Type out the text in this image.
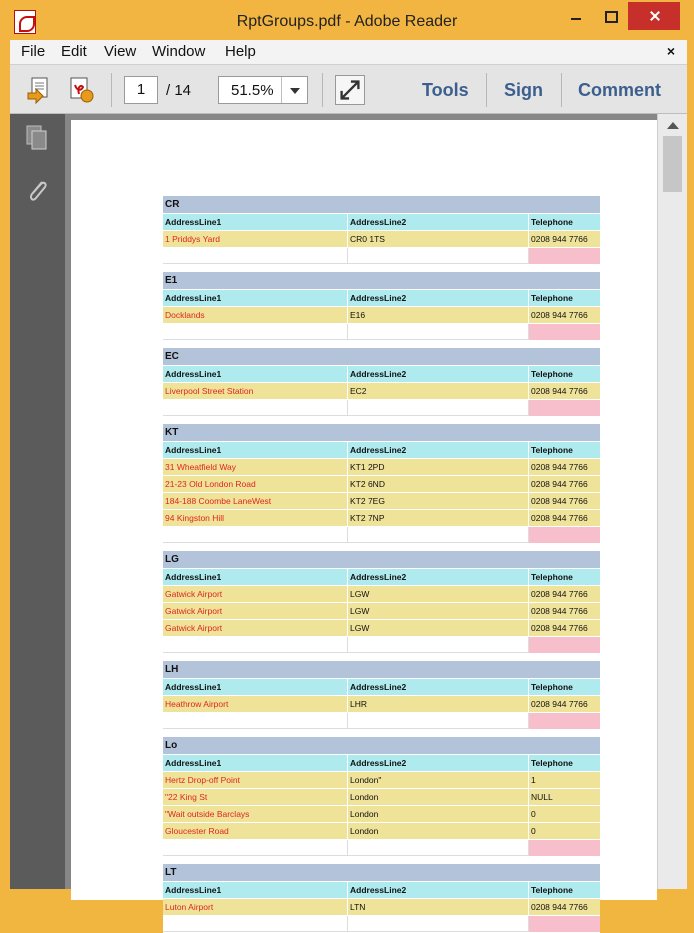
RptGroups.pdf - Adobe Reader
File Edit View Window Help	×
1	/ 14	51.5%	Tools Sign Comment
CR
AddressLine1	AddressLine2	Telephone
1 Priddys Yard	CR0 1TS	0208 944 7766
E1
AddressLine1	AddressLine2	Telephone
Docklands	E16	0208 944 7766
EC
AddressLine1	AddressLine2	Telephone
Liverpool Street Station	EC2	0208 944 7766
KT
AddressLine1	AddressLine2	Telephone
31 Wheatfield Way	KT1 2PD	0208 944 7766
21-23 Old London Road	KT2 6ND	0208 944 7766
184-188 Coombe LaneWest	KT2 7EG	0208 944 7766
94 Kingston Hill	KT2 7NP	0208 944 7766
LG
AddressLine1	AddressLine2	Telephone
Gatwick Airport	LGW	0208 944 7766
Gatwick Airport	LGW	0208 944 7766
Gatwick Airport	LGW	0208 944 7766
LH
AddressLine1	AddressLine2	Telephone
Heathrow Airport	LHR	0208 944 7766
Lo
AddressLine1	AddressLine2	Telephone
Hertz Drop-off Point	London"	1
"22 King St	London	NULL
"Wait outside Barclays	London	0
Gloucester Road	London	0
LT
AddressLine1	AddressLine2	Telephone
Luton Airport	LTN	0208 944 7766
